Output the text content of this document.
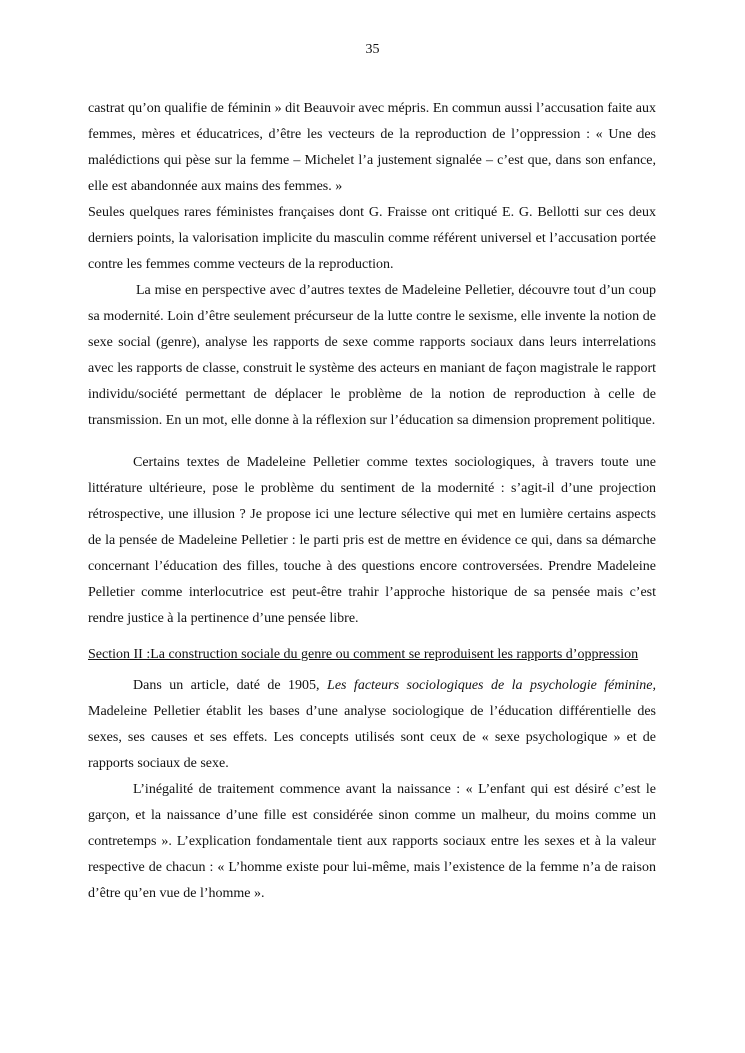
35

castrat qu’on qualifie de féminin » dit Beauvoir avec mépris. En commun aussi l’accusation faite aux femmes, mères et éducatrices, d’être les vecteurs de la reproduction de l’oppression : « Une des malédictions qui pèse sur la femme – Michelet l’a justement signalée – c’est que, dans son enfance, elle est abandonnée aux mains des femmes. »

Seules quelques rares féministes françaises dont G. Fraisse ont critiqué E. G. Bellotti sur ces deux derniers points, la valorisation implicite du masculin comme référent universel et l’accusation portée contre les femmes comme vecteurs de la reproduction.

La mise en perspective avec d’autres textes de Madeleine Pelletier, découvre tout d’un coup sa modernité. Loin d’être seulement précurseur de la lutte contre le sexisme, elle invente la notion de sexe social (genre), analyse les rapports de sexe comme rapports sociaux dans leurs interrelations avec les rapports de classe, construit le système des acteurs en maniant de façon magistrale le rapport individu/société permettant de déplacer le problème de la notion de reproduction à celle de transmission. En un mot, elle donne à la réflexion sur l’éducation sa dimension proprement politique.

Certains textes de Madeleine Pelletier comme textes sociologiques, à travers toute une littérature ultérieure, pose le problème du sentiment de la modernité : s’agit-il d’une projection rétrospective, une illusion ? Je propose ici une lecture sélective qui met en lumière certains aspects de la pensée de Madeleine Pelletier : le parti pris est de mettre en évidence ce qui, dans sa démarche concernant l’éducation des filles, touche à des questions encore controversées. Prendre Madeleine Pelletier comme interlocutrice est peut-être trahir l’approche historique de sa pensée mais c’est rendre justice à la pertinence d’une pensée libre.

Section II :La construction sociale du genre ou comment se reproduisent les rapports d’oppression

Dans un article, daté de 1905, Les facteurs sociologiques de la psychologie féminine, Madeleine Pelletier établit les bases d’une analyse sociologique de l’éducation différentielle des sexes, ses causes et ses effets. Les concepts utilisés sont ceux de « sexe psychologique » et de rapports sociaux de sexe.

L’inégalité de traitement commence avant la naissance : « L’enfant qui est désiré c’est le garçon, et la naissance d’une fille est considérée sinon comme un malheur, du moins comme un contretemps ». L’explication fondamentale tient aux rapports sociaux entre les sexes et à la valeur respective de chacun : « L’homme existe pour lui-même, mais l’existence de la femme n’a de raison d’être qu’en vue de l’homme ».
